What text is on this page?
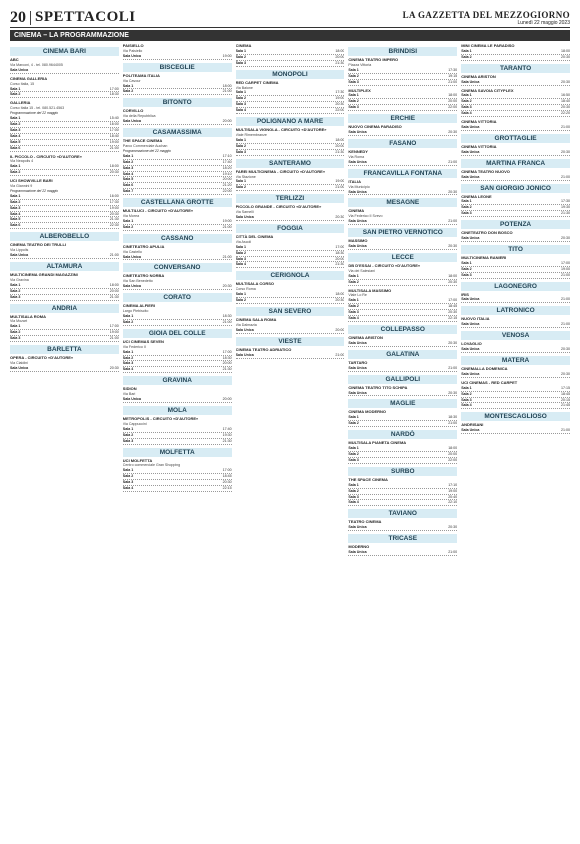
20 SPETTACOLI	LA GAZZETTA DEL MEZZOGIORNO
Lunedì 22 maggio 2023
CINEMA – LA PROGRAMMAZIONE
CINEMA BARI
ABC
Via Marconi, 4 - tel. 080.9644005
Sala Unica
CINEMA GALLERIA
Corso Italia, 15
Sala 1	17:00
Sala 2	18:30
GALLERIA
Corso Italia 15 - tel. 080.521.4563
Programmazione del 22 maggio
Sala 1	15:40
Sala 2	16:00
Sala 3	17:00
Sala 4	18:40
Sala 5	19:00
Sala 6	21:00
IL PICCOLO - CIRCUITO «D'AUTORE»
Via Neapolis 4
Sala 1	18:00
Sala 2	20:30
UCI SHOWVILLE BARI
Via Giannini 9
Programmazione del 22 maggio
Sala 1	16:00
Sala 2	17:30
Sala 3	19:00
Sala 4	20:30
Sala 5	21:30
Sala 6	22:30
ALBEROBELLO
CINEMA TEATRO DEI TRULLI
Via Lippolis
Sala Unica	21:00
ALTAMURA
MULTICINEMA GRANDI MAGAZZINI
Via Gravina
Sala 1	18:00
Sala 2	20:00
Sala 3	21:30
ANDRIA
MULTISALA ROMA
Via Mozart
Sala 1	17:00
Sala 2	19:00
Sala 3	21:00
BARLETTA
OPERA - CIRCUITO «D'AUTORE»
Via Cialdini
Sala Unica	20:30
PAISIELLO
Via Paisiello
Sala Unica	19:00
BISCEGLIE
POLITEAMA ITALIA
Via Cavour
Sala 1	18:00
Sala 2	21:00
BITONTO
CORVILLO
Via della Repubblica
Sala Unica	20:00
CASAMASSIMA
THE SPACE CINEMA
Parco Commerciale Auchan
Programmazione del 22 maggio
Sala 1	17:10
Sala 2	17:40
Sala 3	18:20
Sala 4	19:10
Sala 5	20:00
Sala 6	21:20
Sala 7	22:00
CASTELLANA GROTTE
MULTILUCI - CIRCUITO «D'AUTORE»
Via Morea
Sala 1	19:00
Sala 2	21:00
CASSANO
CINETEATRO APULIA
Via Castello
Sala Unica	21:00
CONVERSANO
CINETEATRO NORBA
Via San Benedetto
Sala Unica	20:30
CORATO
CINEMA ALFIERI
Largo Plebiscito
Sala 1	18:30
Sala 2	21:00
GIOIA DEL COLLE
UCI CINEMAS SEVEN
Via Federico II
Sala 1	17:00
Sala 2	18:30
Sala 3	20:00
Sala 4	21:30
GRAVINA
SIDION
Via Bari
Sala Unica	20:00
MOLA
METROPOLIS - CIRCUITO «D'AUTORE»
Via Cappuccini
Sala 1	17:40
Sala 2	19:30
Sala 3	21:30
MOLFETTA
UCI MOLFETTA
Centro commerciale Gran Shopping
Sala 1	17:00
Sala 2	18:45
Sala 3	20:30
Sala 4	22:15
CINEMA
Sala 1	18:00
Sala 2	20:00
Sala 3	21:30
MONOPOLI
RED CARPET CINEMA
Via Baione
Sala 1	17:30
Sala 2	19:00
Sala 3	20:30
Sala 4	22:00
POLIGNANO A MARE
MULTISALA VIGNOLA - CIRCUITO «D'AUTORE»
Viale Rimembranze
Sala 1	18:00
Sala 2	20:00
Sala 3	21:30
SANTERAMO
FAREI MULTICINEMA - CIRCUITO «D'AUTORE»
Via Stazione
Sala 1	19:00
Sala 2	21:00
TERLIZZI
PICCOLO GRANDE - CIRCUITO «D'AUTORE»
Via Sarnelli
Sala Unica	20:30
FOGGIA
CITTÀ DEL CINEMA
Via Ascoli
Sala 1	17:00
Sala 2	18:30
Sala 3	20:00
Sala 4	21:30
CERIGNOLA
MULTISALA CORSO
Corso Roma
Sala 1	18:00
Sala 2	20:30
SAN SEVERO
CINEMA SALA ROMA
Via Dalmazia
Sala Unica	20:00
VIESTE
CINEMA TEATRO ADRIATICO
Sala Unica	21:00
BRINDISI
CINEMA TEATRO IMPERO
Piazza Vittoria
Sala 1	17:30
Sala 2	19:15
Sala 3	21:00
MULTIPLEX
Sala 1	18:00
Sala 2	20:00
Sala 3	22:00
ERCHIE
NUOVO CINEMA PARADISO
Sala Unica	20:30
FASANO
KENNEDY
Via Roma
Sala Unica	21:00
FRANCAVILLA FONTANA
ITALIA
Via Municipio
Sala Unica	20:30
MESAGNE
CINEMA
Via Federico II Svevo
Sala Unica	21:00
SAN PIETRO VERNOTICO
MASSIMO
Sala Unica	20:30
LECCE
DB D'ESSAI - CIRCUITO «D'AUTORE»
Via dei Salesiani
Sala 1	18:00
Sala 2	20:30
MULTISALA MASSIMO
Viale Lo Re
Sala 1	17:00
Sala 2	18:45
Sala 3	20:30
Sala 4	22:15
COLLEPASSO
CINEMA ARISTON
Sala Unica	20:30
GALATINA
TARTARO
Sala Unica	21:00
GALLIPOLI
CINEMA TEATRO TITO SCHIPA
Sala Unica	20:30
MAGLIE
CINEMA MODERNO
Sala 1	18:30
Sala 2	21:00
NARDÒ
MULTISALA PIANETA CINEMA
Sala 1	18:00
Sala 2	20:00
Sala 3	22:00
SURBO
THE SPACE CINEMA
Sala 1	17:10
Sala 2	19:00
Sala 3	20:40
Sala 4	22:10
TAVIANO
TEATRO CINEMA
Sala Unica	20:30
TRICASE
MODERNO
Sala Unica	21:00
MINI CINEMA LE PARADISO
Sala 1	18:00
Sala 2	20:30
TARANTO
CINEMA ARISTON
Sala Unica	20:30
CINEMA SAVOIA CITYPLEX
Sala 1	16:50
Sala 2	18:40
Sala 3	20:30
Sala 4	22:20
CINEMA VITTORIA
Sala Unica	21:00
GROTTAGLIE
CINEMA VITTORIA
Sala Unica	20:30
MARTINA FRANCA
CINEMA TEATRO NUOVO
Sala Unica	21:00
SAN GIORGIO JONICO
CINEMA LEONE
Sala 1	17:30
Sala 2	19:30
Sala 3	21:30
POTENZA
CINETEATRO DON BOSCO
Sala Unica	20:30
TITO
MULTICINEMA RANIERI
Sala 1	17:00
Sala 2	19:00
Sala 3	21:00
LAGONEGRO
IRIS
Sala Unica	21:00
LATRONICO
NUOVO ITALIA
Sala Unica	21:00
VENOSA
LOVAGLIO
Sala Unica	20:30
MATERA
CINEMALLA DOMENICA
Sala Unica	20:30
UCI CINEMAS - RED CARPET
Sala 1	17:15
Sala 2	18:45
Sala 3	20:15
Sala 4	21:45
MONTESCAGLIOSO
ANDRISANI
Sala Unica	21:00
